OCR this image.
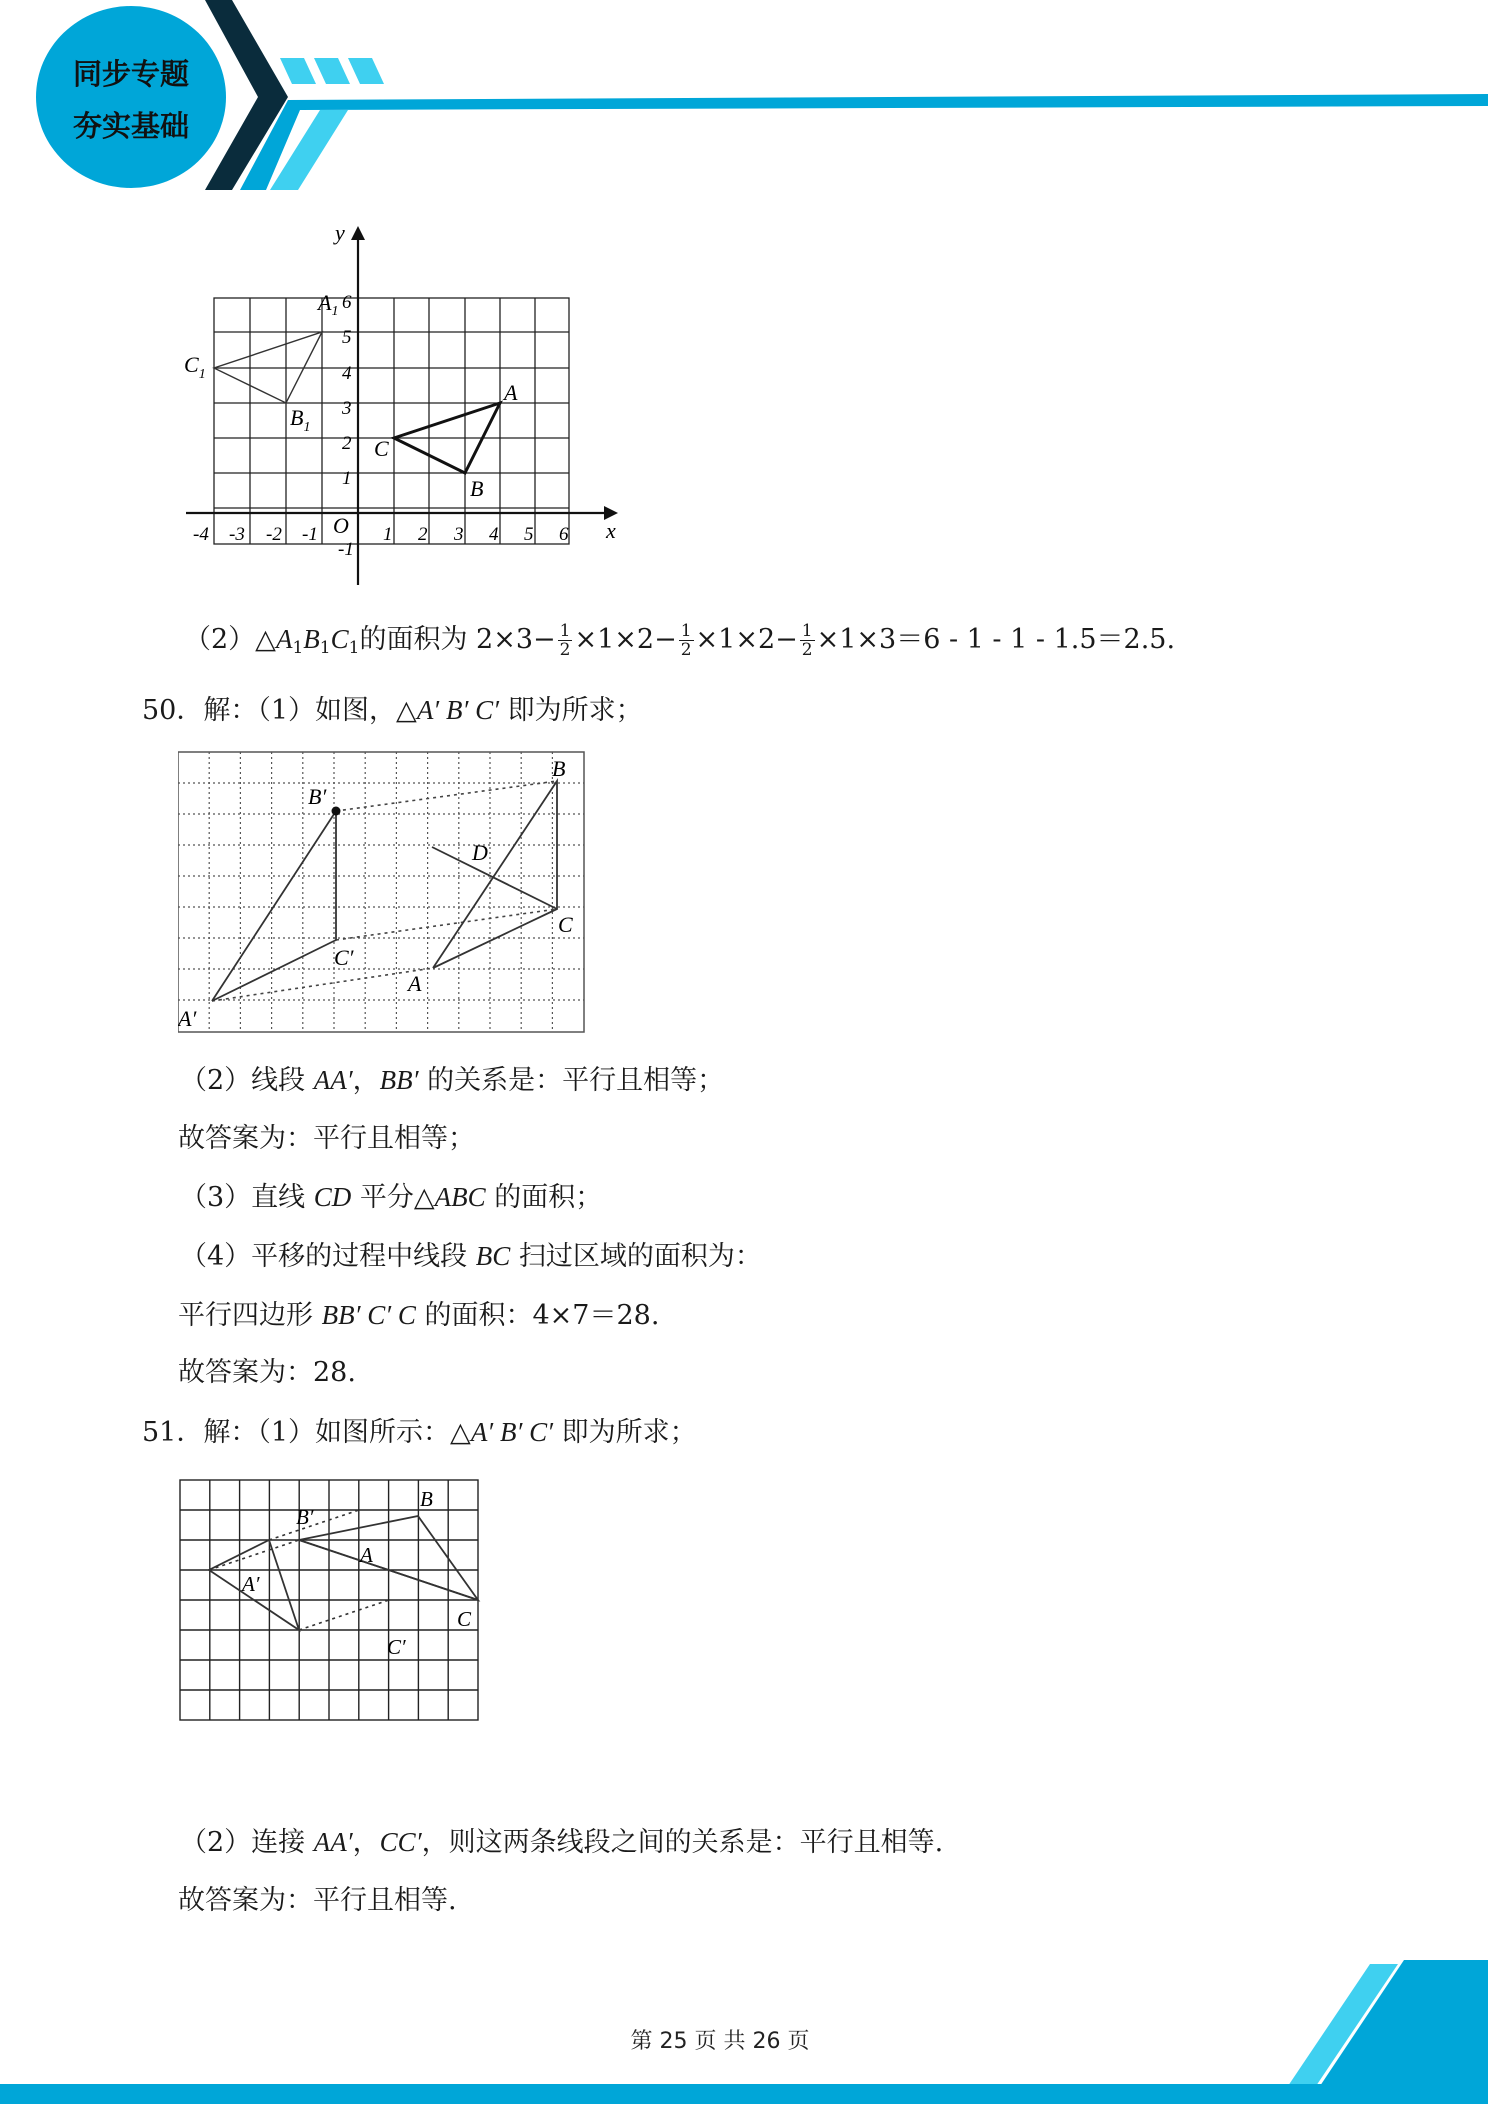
同步专题
夯实基础
x
y
O
-4 -3 -2 -1	1 2 3 4 5 6
1
2
3
4
5
6
-1
$A_1$
$B_1$
$C_1$
A
B
C
$(2)\triangle A_1B_1C_1$的面积为 $2\times 3- \frac{1}{2} \times 1\times 2- \frac{1}{2} \times 1\times 2- \frac{1}{2} \times 1\times 3=6$ ‑ 1 ‑ 1 ‑ 1.5＝2.5.
50．解：（1）如图，△A′ B′ C′ 即为所求；
B
C
A
D
B′
C′
A′
（2）线段 AA′，BB′ 的关系是：平行且相等；
故答案为：平行且相等；
（3）直线 CD 平分△ABC 的面积；
（4）平移的过程中线段 BC 扫过区域的面积为：
平行四边形 BB′ C′ C 的面积：4×7＝28.
故答案为：28.
51．解：（1）如图所示：△A′ B′ C′ 即为所求；
B
B′
A
A′
C
C′
（2）连接 AA′，CC′，则这两条线段之间的关系是：平行且相等.
故答案为：平行且相等.
第 25 页 共 26 页
